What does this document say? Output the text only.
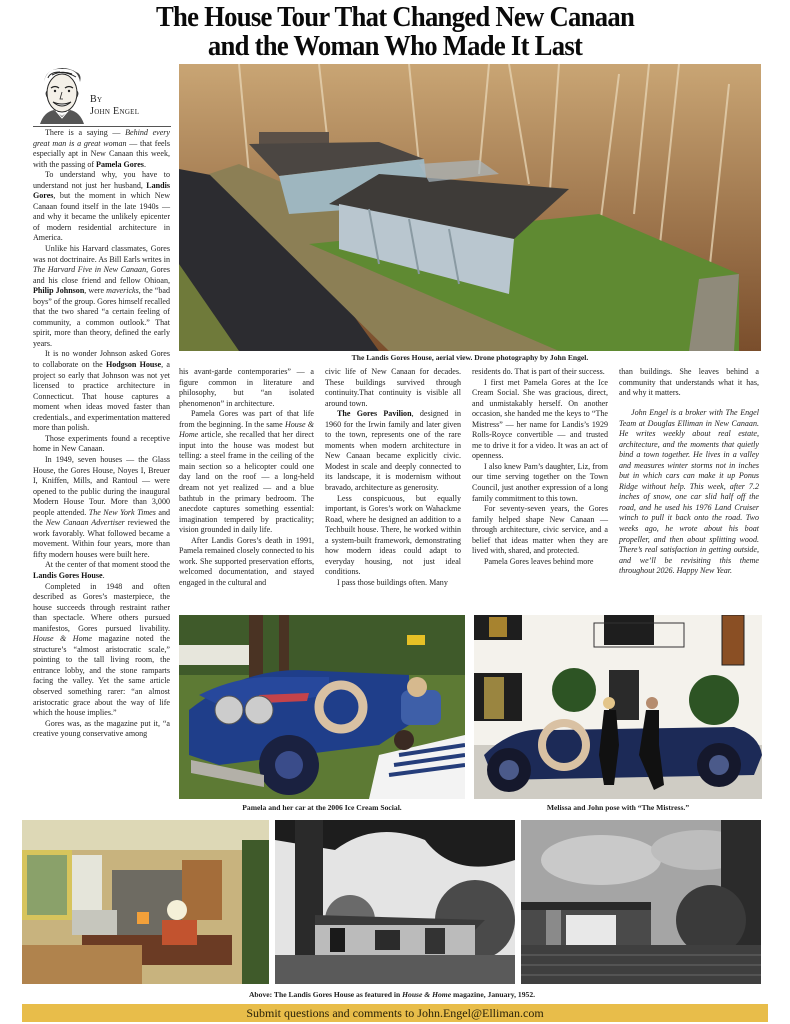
The House Tour That Changed New Canaan
and the Woman Who Made It Last
By
John Engel

There is a saying — Behind every great man is a great woman — that feels especially apt in New Canaan this week, with the passing of Pamela Gores.

To understand why, you have to understand not just her husband, Landis Gores, but the moment in which New Canaan found itself in the late 1940s — and why it became the unlikely epicenter of modern residential architecture in America.

Unlike his Harvard classmates, Gores was not doctrinaire. As Bill Earls writes in The Harvard Five in New Canaan, Gores and his close friend and fellow Ohioan, Philip Johnson, were mavericks, the “bad boys” of the group. Gores himself recalled that the two shared “a certain feeling of community, a common outlook.” That spirit, more than theory, defined the early years.

It is no wonder Johnson asked Gores to collaborate on the Hodgson House, a project so early that Johnson was not yet licensed to practice architecture in Connecticut. That house captures a moment when ideas moved faster than credentials., and experimentation mattered more than polish.

Those experiments found a receptive home in New Canaan.

In 1949, seven houses — the Glass House, the Gores House, Noyes I, Breuer I, Kniffen, Mills, and Rantoul — were opened to the public during the inaugural Modern House Tour. More than 3,000 people attended. The New York Times and the New Canaan Advertiser reviewed the work favorably. What followed became a movement. Within four years, more than fifty modern houses were built here.

At the center of that moment stood the Landis Gores House.

Completed in 1948 and often described as Gores’s masterpiece, the house succeeds through restraint rather than spectacle. Where others pursued manifestos, Gores pursued livability. House & Home magazine noted the structure’s “almost aristocratic scale,” pointing to the tall living room, the entrance lobby, and the stone ramparts facing the valley. Yet the same article observed something rarer: “an almost aristocratic grace about the way of life which the house implies.”

Gores was, as the magazine put it, “a creative young conservative among

his avant-garde contemporaries” — a figure common in literature and philosophy, but “an isolated phenomenon” in architecture.

Pamela Gores was part of that life from the beginning. In the same House & Home article, she recalled that her direct input into the house was modest but telling: a steel frame in the ceiling of the main section so a helicopter could one day land on the roof — a long-held dream not yet realized — and a blue bathtub in the primary bedroom. The anecdote captures something essential: imagination tempered by practicality; vision grounded in daily life.

After Landis Gores’s death in 1991, Pamela remained closely connected to his work. She supported preservation efforts, welcomed documentation, and stayed engaged in the cultural and

civic life of New Canaan for decades. These buildings survived through continuity.That continuity is visible all around town.

The Gores Pavilion, designed in 1960 for the Irwin family and later given to the town, represents one of the rare moments when modern architecture in New Canaan became explicitly civic. Modest in scale and deeply connected to its landscape, it is modernism without bravado, architecture as generosity.

Less conspicuous, but equally important, is Gores’s work on Wahackme Road, where he designed an addition to a Techbuilt house. There, he worked within a system-built framework, demonstrating how modern ideas could adapt to everyday housing, not just ideal conditions.

I pass those buildings often. Many

residents do. That is part of their success.

I first met Pamela Gores at the Ice Cream Social. She was gracious, direct, and unmistakably herself. On another occasion, she handed me the keys to “The Mistress” — her name for Landis’s 1929 Rolls-Royce convertible — and trusted me to drive it for a video. It was an act of openness.

I also knew Pam’s daughter, Liz, from our time serving together on the Town Council, just another expression of a long family commitment to this town.

For seventy-seven years, the Gores family helped shape New Canaan — through architecture, civic service, and a belief that ideas matter when they are lived with, shared, and protected.

Pamela Gores leaves behind more

than buildings. She leaves behind a community that understands what it has, and why it matters.

John Engel is a broker with The Engel Team at Douglas Elliman in New Canaan. He writes weekly about real estate, architecture, and the moments that quietly bind a town together. He lives in a valley and measures winter storms not in inches but in which cars can make it up Ponus Ridge without help. This week, after 7.2 inches of snow, one car slid half off the road, and he used his 1976 Land Cruiser winch to pull it back onto the road. Two weeks ago, he wrote about his boat propeller, and then about splitting wood. There’s real satisfaction in getting outside, and we’ll be revisiting this theme throughout 2026. Happy New Year.

The Landis Gores House, aerial view. Drone photography by John Engel.
Pamela and her car at the 2006 Ice Cream Social.	Melissa and John pose with “The Mistress.”
Above: The Landis Gores House as featured in House & Home magazine, January, 1952.
Submit questions and comments to John.Engel@Elliman.com
